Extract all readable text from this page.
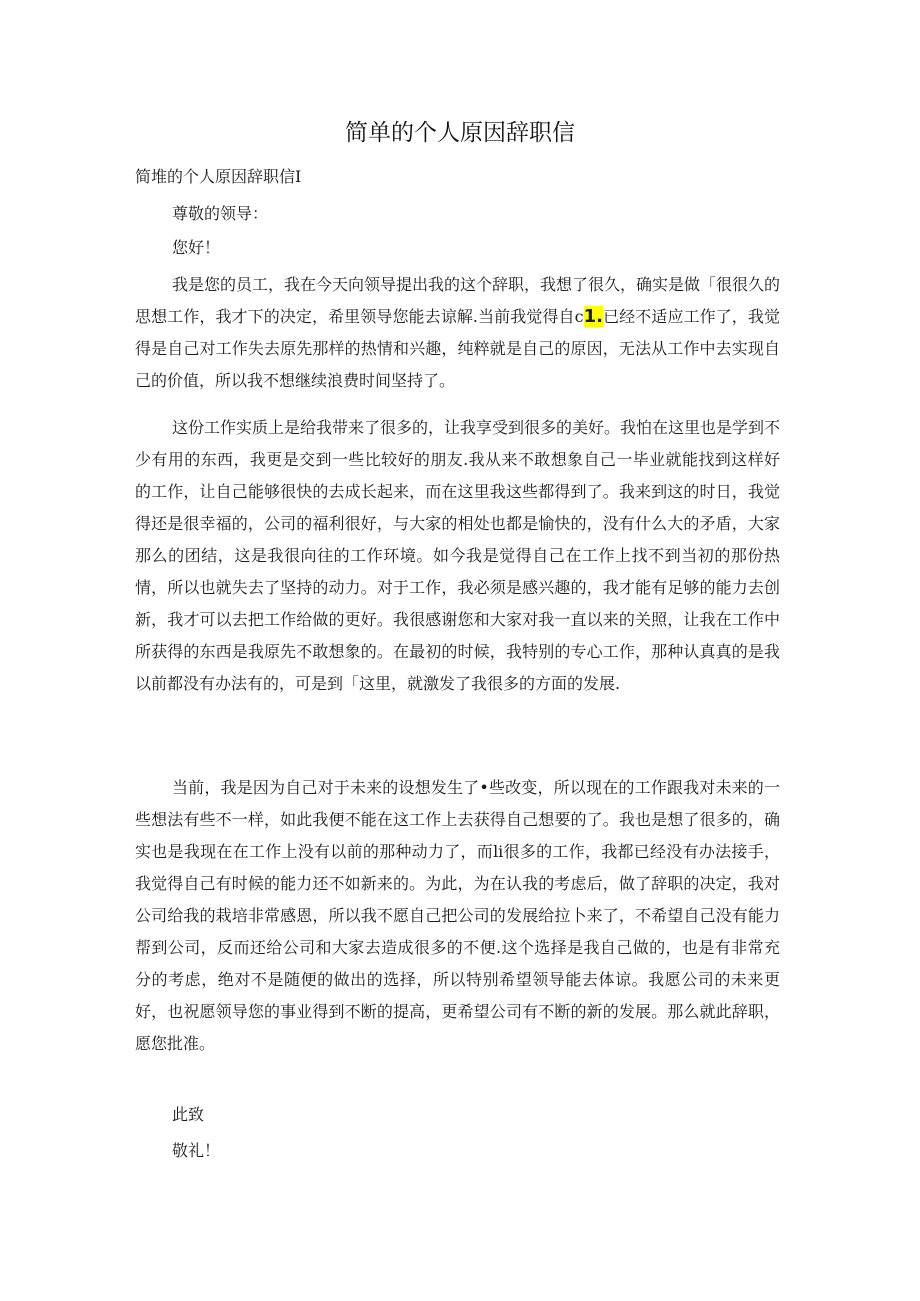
简单的个人原因辞职信

简堆的个人原因辞职信I

尊敬的领导：

您好！

我是您的员工，我在今天向领导提出我的这个辞职，我想了很久，确实是做「很很久的思想工作，我才下的决定，希里领导您能去谅解.当前我觉得自c1.已经不适应工作了，我觉得是自己对工作失去原先那样的热情和兴趣，纯粹就是自己的原因，无法从工作中去实现自己的价值，所以我不想继续浪费时间坚持了。

这份工作实质上是给我带来了很多的，让我享受到很多的美好。我怕在这里也是学到不少有用的东西，我更是交到一些比较好的朋友.我从来不敢想象自己一毕业就能找到这样好的工作，让自己能够很快的去成长起来，而在这里我这些都得到了。我来到这的时日，我觉得还是很幸福的，公司的福利很好，与大家的相处也都是愉快的，没有什么大的矛盾，大家那么的团结，这是我很向往的工作环境。如今我是觉得自己在工作上找不到当初的那份热情，所以也就失去了坚持的动力。对于工作，我必须是感兴趣的，我才能有足够的能力去创新，我才可以去把工作给做的更好。我很感谢您和大家对我一直以来的关照，让我在工作中所获得的东西是我原先不敢想象的。在最初的时候，我特别的专心工作，那种认真真的是我以前都没有办法有的，可是到「这里，就激发了我很多的方面的发展.

当前，我是因为自己对于未来的设想发生了•些改变，所以现在的工作跟我对未来的一些想法有些不一样，如此我便不能在这工作上去获得自己想要的了。我也是想了很多的，确实也是我现在在工作上没有以前的那种动力了，而li很多的工作，我都已经没有办法接手，我觉得自己有时候的能力还不如新来的。为此，为在认我的考虑后，做了辞职的决定，我对公司给我的栽培非常感恩，所以我不愿自己把公司的发展给拉卜来了，不希望自己没有能力帮到公司，反而还给公司和大家去造成很多的不便.这个选择是我自己做的，也是有非常充分的考虑，绝对不是随便的做出的选择，所以特别希望领导能去体谅。我愿公司的未来更好，也祝愿领导您的事业得到不断的提高，更希望公司有不断的新的发展。那么就此辞职，愿您批准。

此致

敬礼！
